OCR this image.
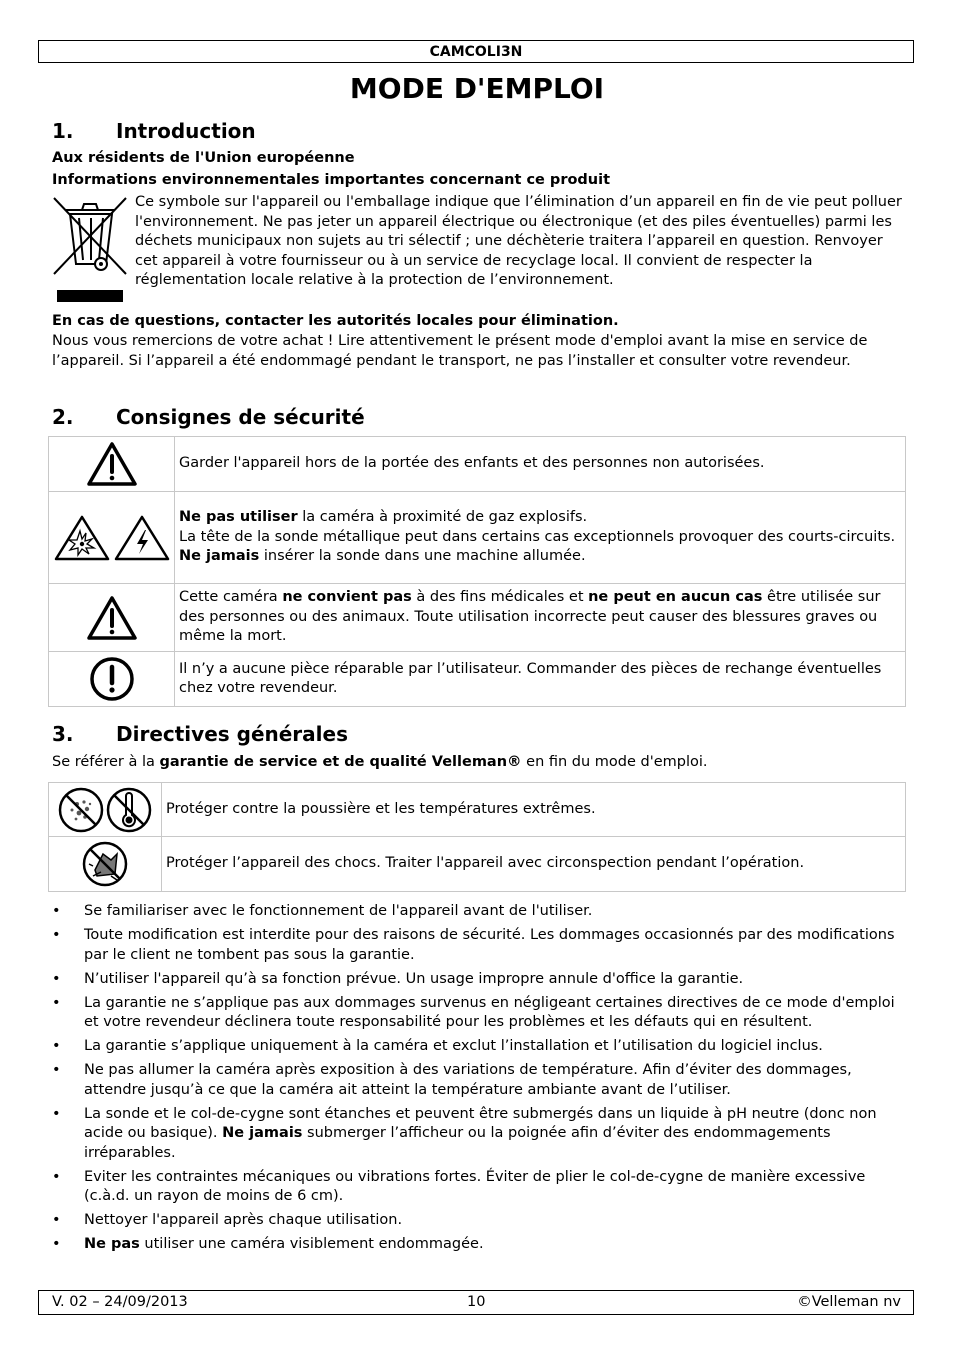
CAMCOLI3N
MODE D'EMPLOI
1. Introduction

Aux résidents de l'Union européenne

Informations environnementales importantes concernant ce produit

Ce symbole sur l'appareil ou l'emballage indique que l’élimination d’un appareil en fin de vie peut polluer l'environnement. Ne pas jeter un appareil électrique ou électronique (et des piles éventuelles) parmi les déchets municipaux non sujets au tri sélectif ; une déchèterie traitera l’appareil en question. Renvoyer cet appareil à votre fournisseur ou à un service de recyclage local. Il convient de respecter la réglementation locale relative à la protection de l’environnement.

En cas de questions, contacter les autorités locales pour élimination.

Nous vous remercions de votre achat ! Lire attentivement le présent mode d'emploi avant la mise en service de l’appareil. Si l’appareil a été endommagé pendant le transport, ne pas l’installer et consulter votre revendeur.

2. Consignes de sécurité
	Garder l'appareil hors de la portée des enfants et des personnes non autorisées.

Ne pas utiliser la caméra à proximité de gaz explosifs.
La tête de la sonde métallique peut dans certains cas exceptionnels provoquer des courts-circuits.
Ne jamais insérer la sonde dans une machine allumée.

	Cette caméra ne convient pas à des fins médicales et ne peut en aucun cas être utilisée sur des personnes ou des animaux. Toute utilisation incorrecte peut causer des blessures graves ou même la mort.
	Il n’y a aucune pièce réparable par l’utilisateur. Commander des pièces de rechange éventuelles chez votre revendeur.
3. Directives générales

Se référer à la garantie de service et de qualité Velleman® en fin du mode d'emploi.

	Protéger contre la poussière et les températures extrêmes.
	Protéger l’appareil des chocs. Traiter l'appareil avec circonspection pendant l’opération.
• Se familiariser avec le fonctionnement de l'appareil avant de l'utiliser.
• Toute modification est interdite pour des raisons de sécurité. Les dommages occasionnés par des modifications par le client ne tombent pas sous la garantie.
• N’utiliser l'appareil qu’à sa fonction prévue. Un usage impropre annule d'office la garantie.
• La garantie ne s’applique pas aux dommages survenus en négligeant certaines directives de ce mode d'emploi et votre revendeur déclinera toute responsabilité pour les problèmes et les défauts qui en résultent.
• La garantie s’applique uniquement à la caméra et exclut l’installation et l’utilisation du logiciel inclus.
• Ne pas allumer la caméra après exposition à des variations de température. Afin d’éviter des dommages, attendre jusqu’à ce que la caméra ait atteint la température ambiante avant de l’utiliser.
• La sonde et le col-de-cygne sont étanches et peuvent être submergés dans un liquide à pH neutre (donc non acide ou basique). Ne jamais submerger l’afficheur ou la poignée afin d’éviter des endommagements irréparables.
• Eviter les contraintes mécaniques ou vibrations fortes. Éviter de plier le col-de-cygne de manière excessive (c.à.d. un rayon de moins de 6 cm).
• Nettoyer l'appareil après chaque utilisation.
• Ne pas utiliser une caméra visiblement endommagée.
V. 02 – 24/09/2013	10	©Velleman nv
